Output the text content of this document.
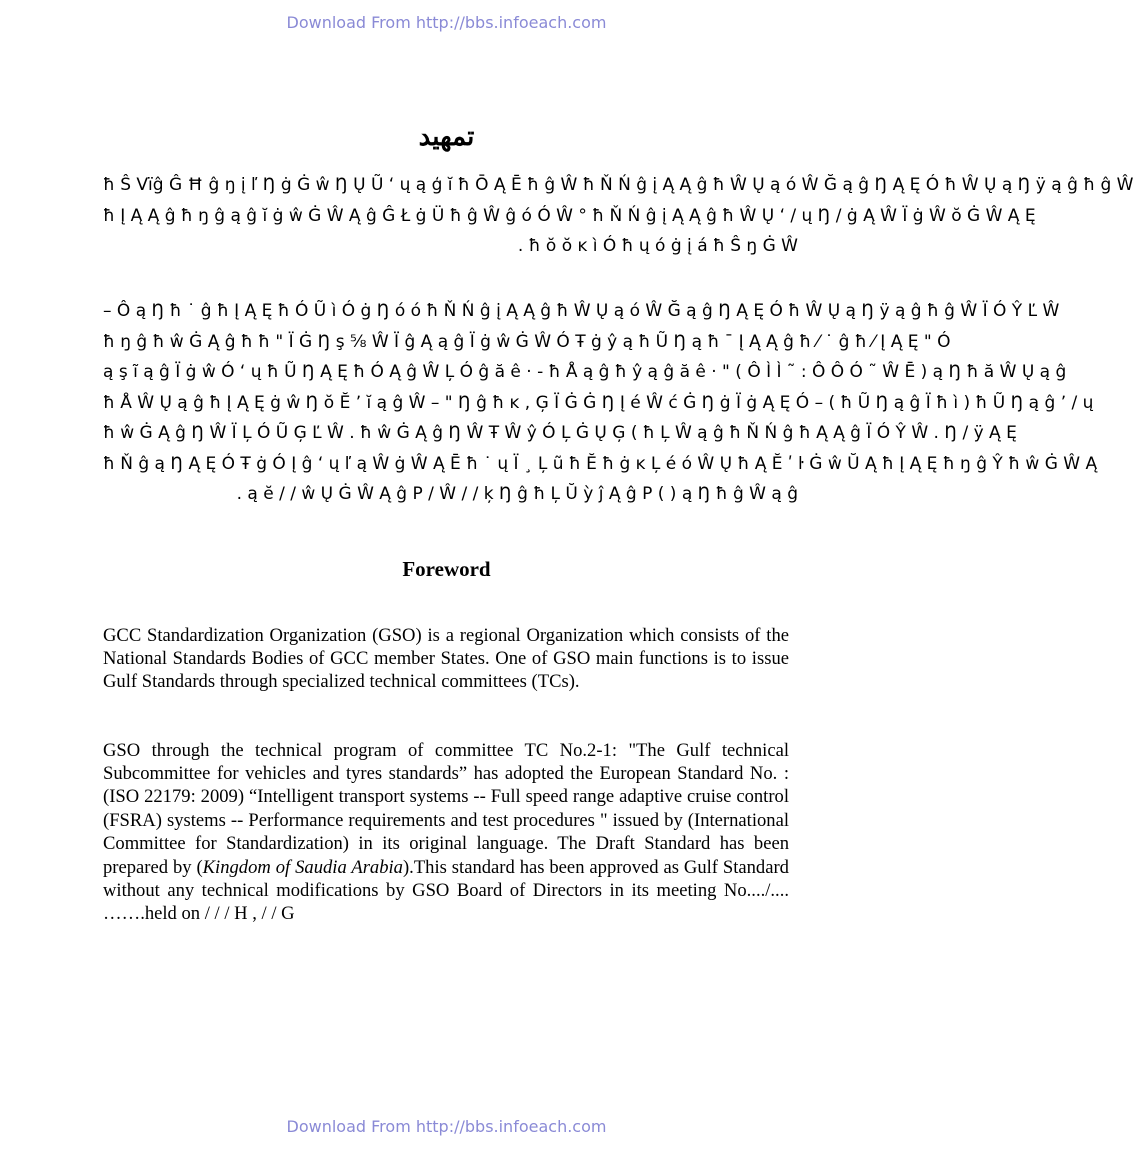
Download From http://bbs.infoeach.com
ﺗﻤﻬﻴﺪ
ħ Ŝ Vïĝ Ĝ Ħ ĝ ŋ į ľ Ŋ ġ Ġ ŵ Ŋ Ų Ũ ʻ ų ą ģ ĭ ħ Ō Ą Ē ħ ĝ Ŵ ħ Ň Ń ĝ į Ą Ą ĝ ħ Ŵ Ų ą ó Ŵ Ğ ą ĝ Ŋ Ą Ę Ó ħ Ŵ Ų ą Ŋ ÿ ą ĝ ħ ĝ Ŵ
ħ Į Ą Ą ĝ ħ ŋ ĝ ą ĝ ĭ ġ ŵ Ġ Ŵ Ą ĝ Ĝ Ł ġ Ü ħ ĝ Ŵ ĝ ó Ó Ŵ ° ħ Ň Ń ĝ į Ą Ą ĝ ħ Ŵ Ų ʻ / ų Ŋ / ġ Ą Ŵ Ï ġ Ŵ ŏ Ġ Ŵ Ą Ę
. ħ ŏ ŏ ĸ ì Ó ħ ų ó ġ į á ħ Ŝ ŋ Ġ Ŵ
– Ô ą Ŋ ħ ˙ ĝ ħ Į Ą Ę ħ Ó Ũ ì Ó ġ Ŋ ó ó ħ Ň Ń ĝ į Ą Ą ĝ ħ Ŵ Ų ą ó Ŵ Ğ ą ĝ Ŋ Ą Ę Ó ħ Ŵ Ų ą Ŋ ÿ ą ĝ ħ ĝ Ŵ Ï Ó Ŷ Ľ Ŵ
ħ ŋ ĝ ħ ŵ Ġ Ą ĝ ħ ħ " Ï Ġ Ŋ ş ⅝ Ŵ Ï ĝ Ą ą ĝ Ï ġ ŵ Ġ Ŵ Ó Ŧ ġ ŷ ą ħ Ũ Ŋ ą ħ ¯ Į Ą Ą ĝ ħ ⁄ ˙ ĝ ħ ⁄ Į Ą Ę " Ó
ą ş ĩ ą ĝ Ï ġ ŵ Ó ʻ ų ħ Ũ Ŋ Ą Ę ħ Ó Ą ĝ Ŵ Ļ Ó ĝ ă ê · - ħ Å ą ĝ ħ ŷ ą ĝ ă ê · " ( Ô Ì Ì ˜ : Ô Ô Ó ˜ Ŵ Ē ) ą Ŋ ħ ă Ŵ Ų ą ĝ
ħ Å Ŵ Ų ą ĝ ħ Į Ą Ę ġ ŵ Ŋ ŏ Ĕ ʼ ĭ ą ĝ Ŵ – " Ŋ ĝ ħ ĸ , Ģ Ï Ġ Ġ Ŋ Į é Ŵ ć Ġ Ŋ ġ Ï ġ Ą Ę Ó – ( ħ Ũ Ŋ ą ĝ Ï ħ ì ) ħ Ũ Ŋ ą ĝ ʼ / ų
ħ ŵ Ġ Ą ĝ Ŋ Ŵ Ï Ļ Ó Ũ Ģ Ľ Ŵ . ħ ŵ Ġ Ą ĝ Ŋ Ŵ Ŧ Ŵ ŷ Ó Ļ Ġ Ų Ģ ( ħ Ļ Ŵ ą ĝ ħ Ň Ń ĝ ħ Ą Ą ĝ Ï Ó Ŷ Ŵ . Ŋ / ÿ Ą Ę
ħ Ň ĝ ą Ŋ Ą Ę Ó Ŧ ġ Ó Į ĝ ʻ ų ľ ą Ŵ ġ Ŵ Ą Ē ħ ˙ ų Ï ¸ Ļ ũ ħ Ĕ ħ ġ ĸ Ļ é ó Ŵ Ų ħ Ą Ĕ ʹ ŀ Ġ ŵ Ŭ Ą ħ Į Ą Ę ħ ŋ ĝ Ŷ ħ ŵ Ġ Ŵ Ą
. ą ĕ / / ŵ Ų Ġ Ŵ Ą ĝ P / Ŵ / / ķ Ŋ ĝ ħ Ļ Ŭ ỳ ĵ Ą ĝ P ( ) ą Ŋ ħ ĝ Ŵ ą ĝ
Foreword

GCC Standardization Organization (GSO) is a regional Organization which consists of the National Standards Bodies of GCC member States. One of GSO main functions is to issue Gulf Standards through specialized technical committees (TCs).

GSO through the technical program of committee TC No.2-1: "The Gulf technical Subcommittee for vehicles and tyres standards” has adopted the European Standard No. : (ISO 22179: 2009) “Intelligent transport systems -- Full speed range adaptive cruise control (FSRA) systems -- Performance requirements and test procedures " issued by (International Committee for Standardization) in its original language. The Draft Standard has been prepared by (Kingdom of Saudia Arabia).This standard has been approved as Gulf Standard without any technical modifications by GSO Board of Directors in its meeting No..../.... …….held on / / / H , / / G

Download From http://bbs.infoeach.com
